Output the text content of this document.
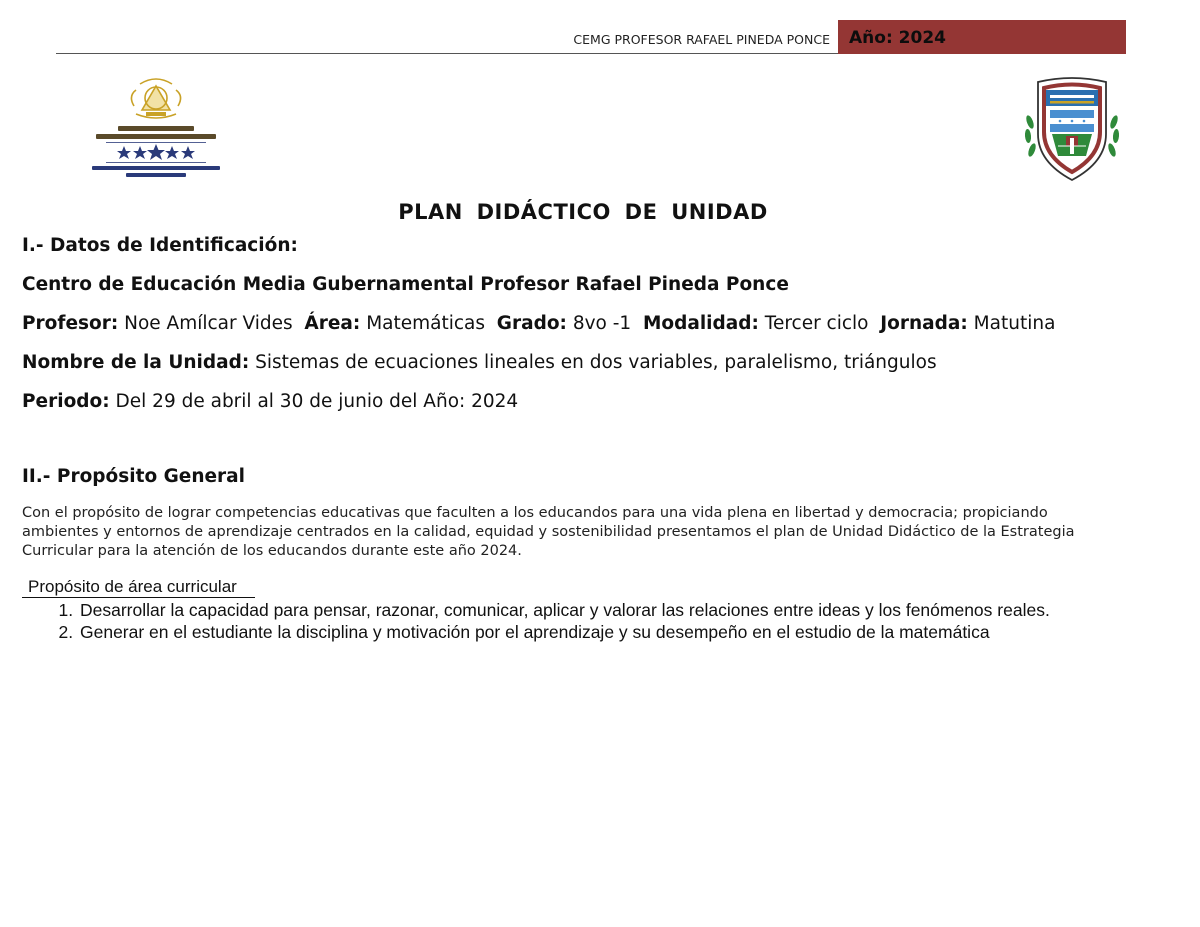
CEMG PROFESOR RAFAEL PINEDA PONCE	Año: 2024
PLAN DIDÁCTICO DE UNIDAD
I.- Datos de Identificación:
Centro de Educación Media Gubernamental Profesor Rafael Pineda Ponce
Profesor: Noe Amílcar Vides Área: Matemáticas Grado: 8vo -1 Modalidad: Tercer ciclo Jornada: Matutina
Nombre de la Unidad: Sistemas de ecuaciones lineales en dos variables, paralelismo, triángulos
Periodo: Del 29 de abril al 30 de junio del Año: 2024
II.- Propósito General

Con el propósito de lograr competencias educativas que faculten a los educandos para una vida plena en libertad y democracia; propiciando ambientes y entornos de aprendizaje centrados en la calidad, equidad y sostenibilidad presentamos el plan de Unidad Didáctico de la Estrategia Curricular para la atención de los educandos durante este año 2024.

Propósito de área curricular
1. Desarrollar la capacidad para pensar, razonar, comunicar, aplicar y valorar las relaciones entre ideas y los fenómenos reales.
2. Generar en el estudiante la disciplina y motivación por el aprendizaje y su desempeño en el estudio de la matemática
